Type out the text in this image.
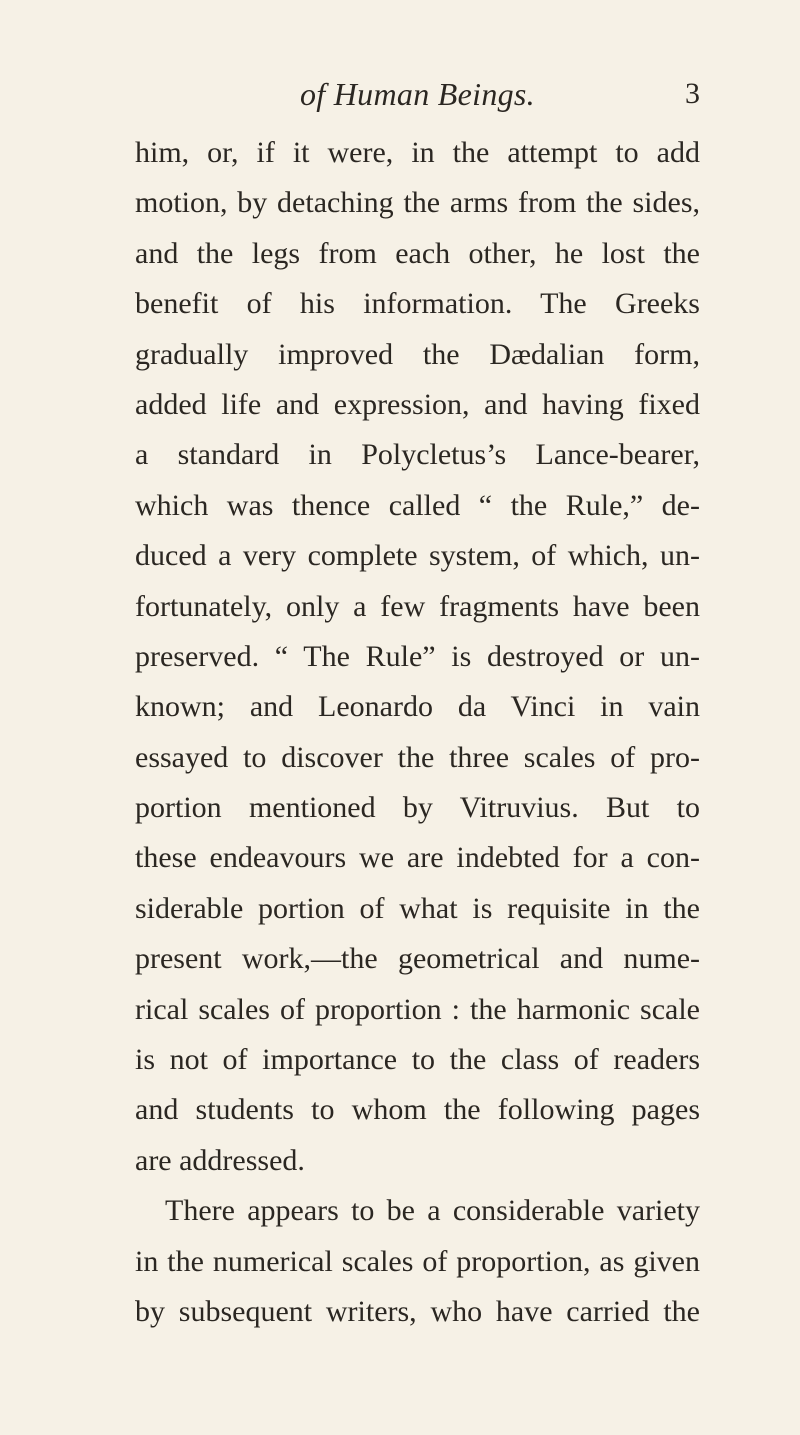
of Human Beings.	3
him, or, if it were, in the attempt to add
motion, by detaching the arms from the sides,
and the legs from each other, he lost the
benefit of his information. The Greeks
gradually improved the Dædalian form,
added life and expression, and having fixed
a standard in Polycletus’s Lance-bearer,
which was thence called “ the Rule,” de-
duced a very complete system, of which, un-
fortunately, only a few fragments have been
preserved. “ The Rule” is destroyed or un-
known; and Leonardo da Vinci in vain
essayed to discover the three scales of pro-
portion mentioned by Vitruvius. But to
these endeavours we are indebted for a con-
siderable portion of what is requisite in the
present work,—the geometrical and nume-
rical scales of proportion : the harmonic scale
is not of importance to the class of readers
and students to whom the following pages
are addressed.
There appears to be a considerable variety
in the numerical scales of proportion, as given
by subsequent writers, who have carried the
